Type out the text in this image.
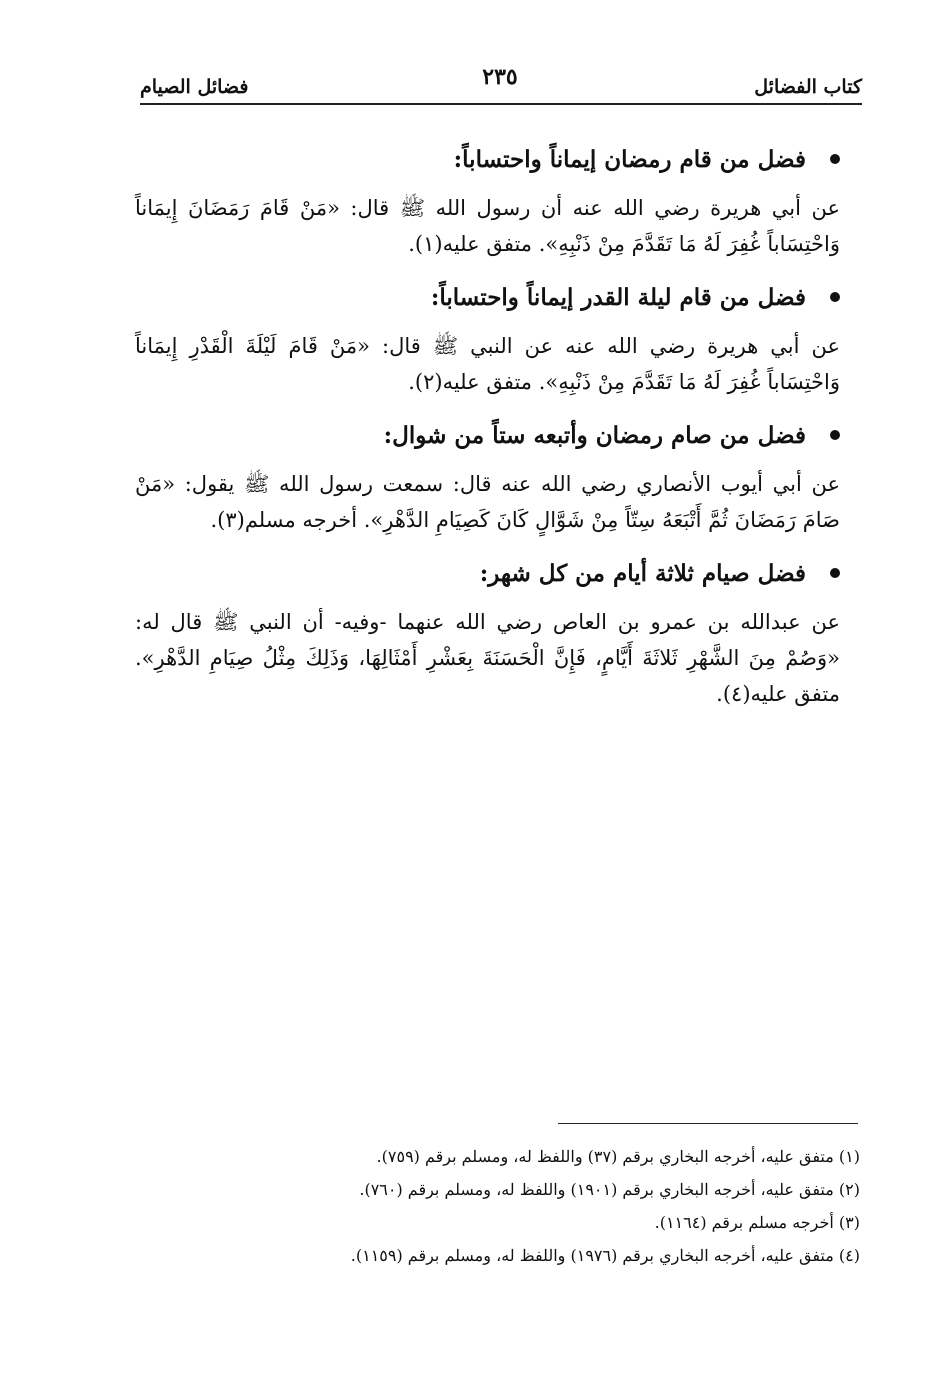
كتاب الفضائل
٢٣٥
فضائل الصيام
فضل من قام رمضان إيماناً واحتساباً:
عن أبي هريرة رضي الله عنه أن رسول الله ﷺ قال: «مَنْ قَامَ رَمَضَانَ إِيمَاناً وَاحْتِسَاباً غُفِرَ لَهُ مَا تَقَدَّمَ مِنْ ذَنْبِهِ». متفق عليه(١).
فضل من قام ليلة القدر إيماناً واحتساباً:
عن أبي هريرة رضي الله عنه عن النبي ﷺ قال: «مَنْ قَامَ لَيْلَةَ الْقَدْرِ إِيمَاناً وَاحْتِسَاباً غُفِرَ لَهُ مَا تَقَدَّمَ مِنْ ذَنْبِهِ». متفق عليه(٢).
فضل من صام رمضان وأتبعه ستاً من شوال:
عن أبي أيوب الأنصاري رضي الله عنه قال: سمعت رسول الله ﷺ يقول: «مَنْ صَامَ رَمَضَانَ ثُمَّ أَتْبَعَهُ سِتّاً مِنْ شَوَّالٍ كَانَ كَصِيَامِ الدَّهْرِ». أخرجه مسلم(٣).
فضل صيام ثلاثة أيام من كل شهر:
عن عبدالله بن عمرو بن العاص رضي الله عنهما -وفيه- أن النبي ﷺ قال له: «وَصُمْ مِنَ الشَّهْرِ ثَلاثَةَ أَيَّامٍ، فَإِنَّ الْحَسَنَةَ بِعَشْرِ أَمْثَالِهَا، وَذَلِكَ مِثْلُ صِيَامِ الدَّهْرِ». متفق عليه(٤).
(١) متفق عليه، أخرجه البخاري برقم (٣٧) واللفظ له، ومسلم برقم (٧٥٩).
(٢) متفق عليه، أخرجه البخاري برقم (١٩٠١) واللفظ له، ومسلم برقم (٧٦٠).
(٣) أخرجه مسلم برقم (١١٦٤).
(٤) متفق عليه، أخرجه البخاري برقم (١٩٧٦) واللفظ له، ومسلم برقم (١١٥٩).
